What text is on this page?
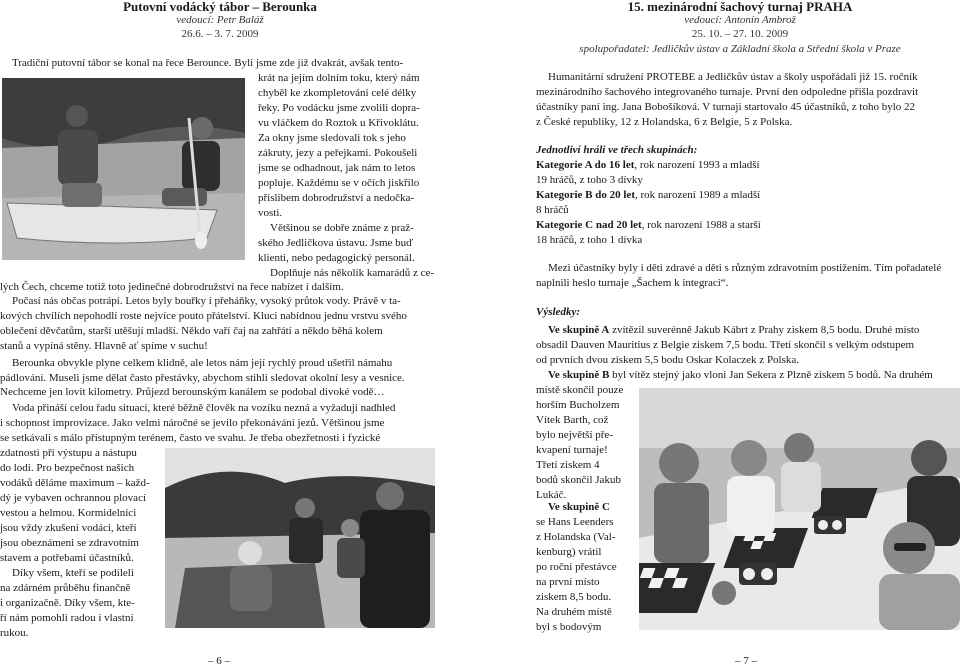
Putovní vodácký tábor – Berounka
vedoucí: Petr Baláž
26.6. – 3. 7. 2009
Tradiční putovní tábor se konal na řece Berounce. Byli jsme zde již dvakrát, avšak tento-
krát na jejím dolním toku, který nám
chyběl ke zkompletování celé délky
řeky. Po vodácku jsme zvolili dopra-
vu vláčkem do Roztok u Křivoklátu.
Za okny jsme sledovali tok s jeho
zákruty, jezy a peřejkami. Pokoušeli
jsme se odhadnout, jak nám to letos
popluje. Každému se v očích jiskřilo
příslibem dobrodružství a nedočka-
vosti.
Většinou se dobře známe z praž-
ského Jedličkova ústavu. Jsme buď
klienti, nebo pedagogický personál.
Doplňuje nás několik kamarádů z ce-
lých Čech, chceme totiž toto jedinečné dobrodružství na řece nabízet i dalším.
Počasí nás občas potrápí. Letos byly bouřky i přeháňky, vysoký průtok vody. Právě v ta-
kových chvílích nepohodlí roste nejvíce pouto přátelství. Kluci nabídnou jednu vrstvu svého
oblečení děvčatům, starší utěšují mladší. Někdo vaří čaj na zahřátí a někdo běhá kolem
stanů a vypíná stěny. Hlavně ať spíme v suchu!
Berounka obvykle plyne celkem klidně, ale letos nám její rychlý proud ušetřil námahu
pádlování. Museli jsme dělat často přestávky, abychom stihli sledovat okolní lesy a vesnice.
Nechceme jen lovit kilometry. Průjezd berounským kanálem se podobal divoké vodě…
Voda přináší celou řadu situací, které běžně člověk na vozíku nezná a vyžadují nadhled
i schopnost improvizace. Jako velmi náročné se jevilo překonávání jezů. Většinou jsme
se setkávali s málo přístupným terénem, často ve svahu. Je třeba obezřetnosti i fyzické
zdatnosti při výstupu a nástupu
do lodi. Pro bezpečnost našich
vodáků děláme maximum – každ-
dý je vybaven ochrannou plovací
vestou a helmou. Kormidelníci
jsou vždy zkušení vodáci, kteří
jsou obeznámeni se zdravotním
stavem a potřebami účastníků.
Díky všem, kteří se podíleli
na zdárném průběhu finančně
i organizačně. Díky všem, kte-
ří nám pomohli radou i vlastní
rukou.
– 6 –
15. mezinárodní šachový turnaj PRAHA
vedoucí: Antonín Ambrož
25. 10. – 27. 10. 2009
spolupořadatel: Jedličkův ústav a Základní škola a Střední škola v Praze
Humanitární sdružení PROTEBE a Jedličkův ústav a školy uspořádali již 15. ročník
mezinárodního šachového integrovaného turnaje. První den odpoledne přišla pozdravit
účastníky paní ing. Jana Bobošíková. V turnaji startovalo 45 účastníků, z toho bylo 22
z České republiky, 12 z Holandska, 6 z Belgie, 5 z Polska.
Jednotliví hráli ve třech skupinách:
Kategorie A do 16 let, rok narození 1993 a mladší
19 hráčů, z toho 3 dívky
Kategorie B do 20 let, rok narození 1989 a mladší
8 hráčů
Kategorie C nad 20 let, rok narození 1988 a starší
18 hráčů, z toho 1 dívka
Mezi účastníky byly i děti zdravé a děti s různým zdravotním postižením. Tím pořadatelé
naplnili heslo turnaje „Šachem k integraci“.
Výsledky:
Ve skupině A zvítězil suverénně Jakub Kábrt z Prahy ziskem 8,5 bodu. Druhé místo
obsadil Dauven Mauritius z Belgie ziskem 7,5 bodu. Třetí skončil s velkým odstupem
od prvních dvou ziskem 5,5 bodu Oskar Kolaczek z Polska.
Ve skupině B byl vítěz stejný jako vloni Jan Sekera z Plzně ziskem 5 bodů. Na druhém
místě skončil pouze
horším Bucholzem
Vítek Barth, což
bylo největší pře-
kvapení turnaje!
Třetí ziskem 4
bodů skončil Jakub
Lukáč.
Ve skupině C
se Hans Leenders
z Holandska (Val-
kenburg) vrátil
po roční přestávce
na první místo
ziskem 8,5 bodu.
Na druhém místě
byl s bodovým
– 7 –
